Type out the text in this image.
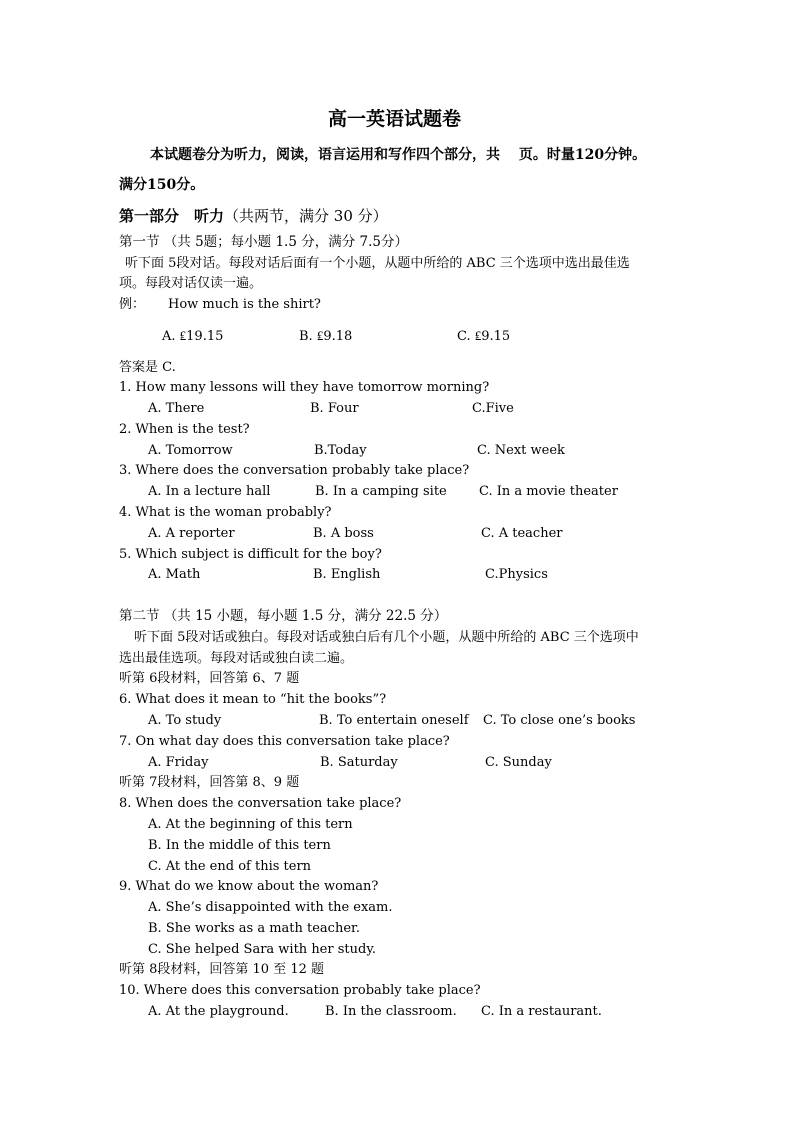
高一英语试题卷
本试题卷分为听力，阅读，语言运用和写作四个部分，共　 页。时量120分钟。
满分150分。
第一部分　听力（共两节，满分 30 分）
第一节 （共 5题；每小题 1.5 分，满分 7.5分）
听下面 5段对话。每段对话后面有一个小题，从题中所给的 ABC 三个选项中选出最佳选
项。每段对话仅读一遍。
例： How much is the shirt?
A. ₤19.15	B. ₤9.18	C. ₤9.15
答案是 C.
1. How many lessons will they have tomorrow morning?
A. There	B. Four	C.Five
2. When is the test?
A. Tomorrow	B.Today	C. Next week
3. Where does the conversation probably take place?
A. In a lecture hall	B. In a camping site C. In a movie theater
4. What is the woman probably?
A. A reporter	B. A boss	C. A teacher
5. Which subject is difficult for the boy?
A. Math	B. English	C.Physics
第二节 （共 15 小题，每小题 1.5 分，满分 22.5 分）
听下面 5段对话或独白。每段对话或独白后有几个小题，从题中所给的 ABC 三个选项中
选出最佳选项。每段对话或独白读二遍。
听第 6段材料，回答第 6、7 题
6. What does it mean to “hit the books”?
A. To study	B. To entertain oneself C. To close one’s books
7. On what day does this conversation take place?
A. Friday	B. Saturday	C. Sunday
听第 7段材料，回答第 8、9 题
8. When does the conversation take place?
A. At the beginning of this tern
B. In the middle of this tern
C. At the end of this tern
9. What do we know about the woman?
A. She’s disappointed with the exam.
B. She works as a math teacher.
C. She helped Sara with her study.
听第 8段材料，回答第 10 至 12 题
10. Where does this conversation probably take place?
A. At the playground.	B. In the classroom. C. In a restaurant.
